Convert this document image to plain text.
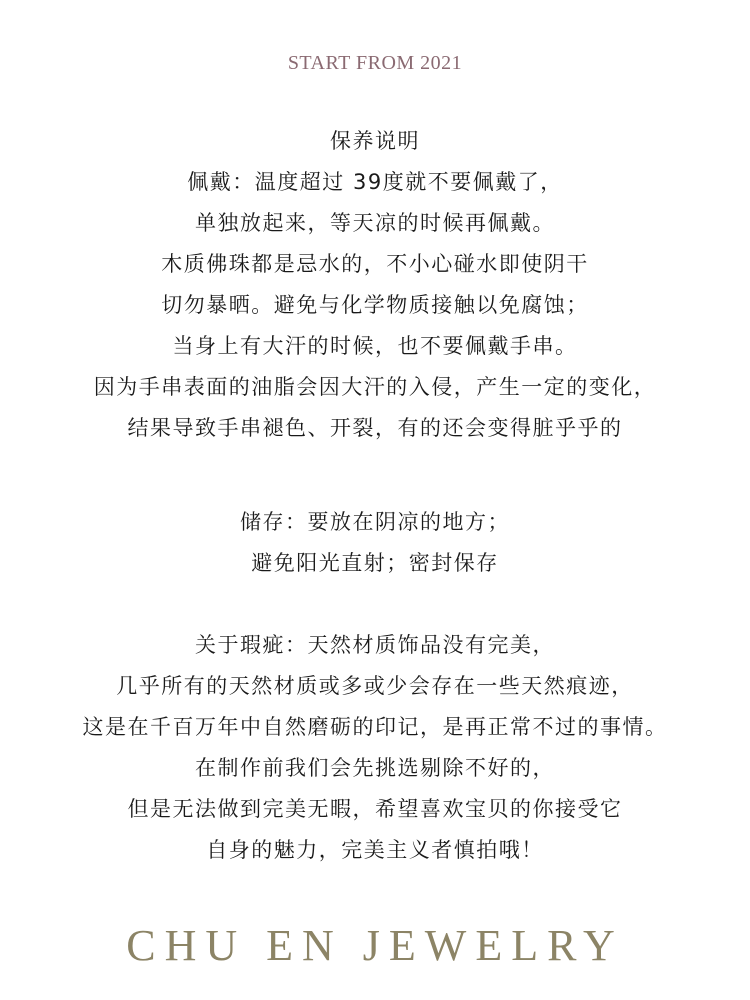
START FROM 2021
保养说明
佩戴：温度超过 39度就不要佩戴了，
单独放起来，等天凉的时候再佩戴。
木质佛珠都是忌水的，不小心碰水即使阴干
切勿暴晒。避免与化学物质接触以免腐蚀；
当身上有大汗的时候，也不要佩戴手串。
因为手串表面的油脂会因大汗的入侵，产生一定的变化，
结果导致手串褪色、开裂，有的还会变得脏乎乎的
储存：要放在阴凉的地方；
避免阳光直射；密封保存
关于瑕疵：天然材质饰品没有完美，
几乎所有的天然材质或多或少会存在一些天然痕迹，
这是在千百万年中自然磨砺的印记，是再正常不过的事情。
在制作前我们会先挑选剔除不好的，
但是无法做到完美无暇，希望喜欢宝贝的你接受它
自身的魅力，完美主义者慎拍哦！
CHU EN JEWELRY
